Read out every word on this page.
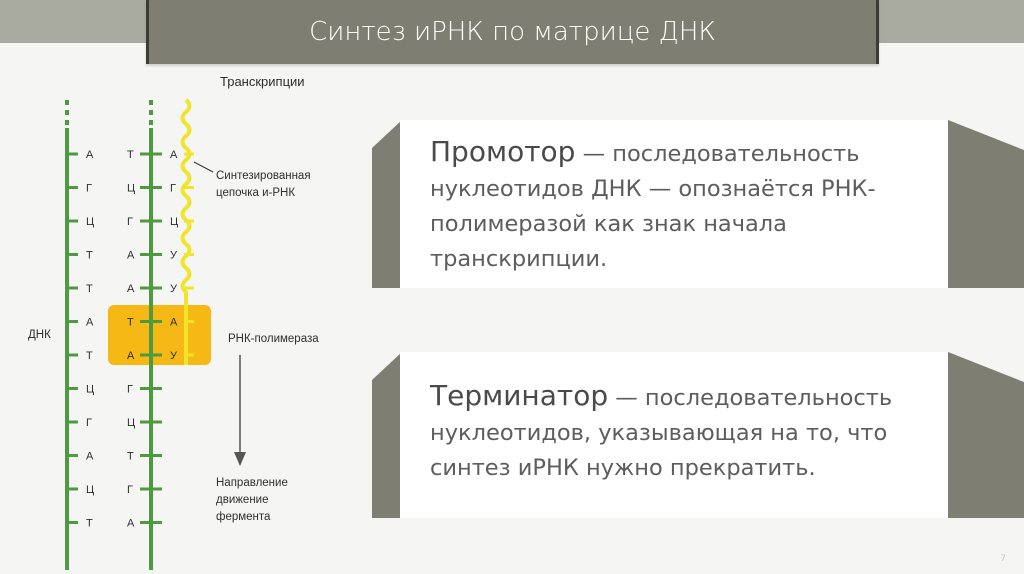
Синтез иРНК по матрице ДНК
А
Г
Ц
Т
Т
А
Т
Ц
Г
А
Ц
Т
Т
Ц
Г
А
А
Т
А
Г
Ц
Т
Г
А
А
Г
Ц
У
У
А
У
Транскрипции
Синтезированная
цепочка и-РНК
ДНК	РНК-полимераза
Направление
движение
фермента
Промотор — последовательность нуклеотидов ДНК — опознаётся РНК-полимеразой как знак начала транскрипции.
Терминатор — последовательность нуклеотидов, указывающая на то, что синтез иРНК нужно прекратить.
7
